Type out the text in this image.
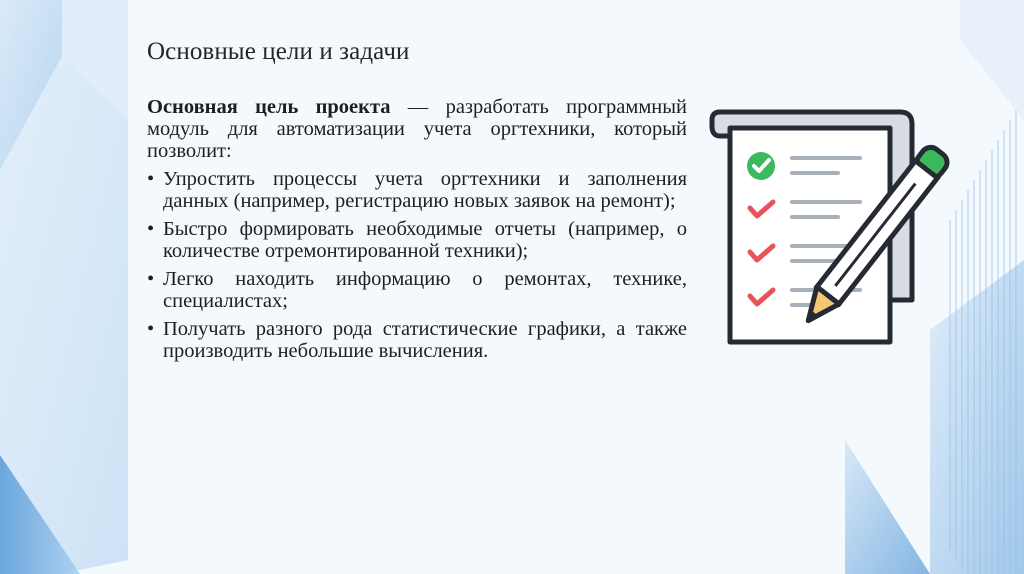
Основные цели и задачи
Основная цель проекта — разработать программный модуль для автоматизации учета оргтехники, который позволит:
• Упростить процессы учета оргтехники и заполнения данных (например, регистрацию новых заявок на ремонт);
• Быстро формировать необходимые отчеты (например, о количестве отремонтированной техники);
• Легко находить информацию о ремонтах, технике, специалистах;
• Получать разного рода статистические графики, а также производить небольшие вычисления.
